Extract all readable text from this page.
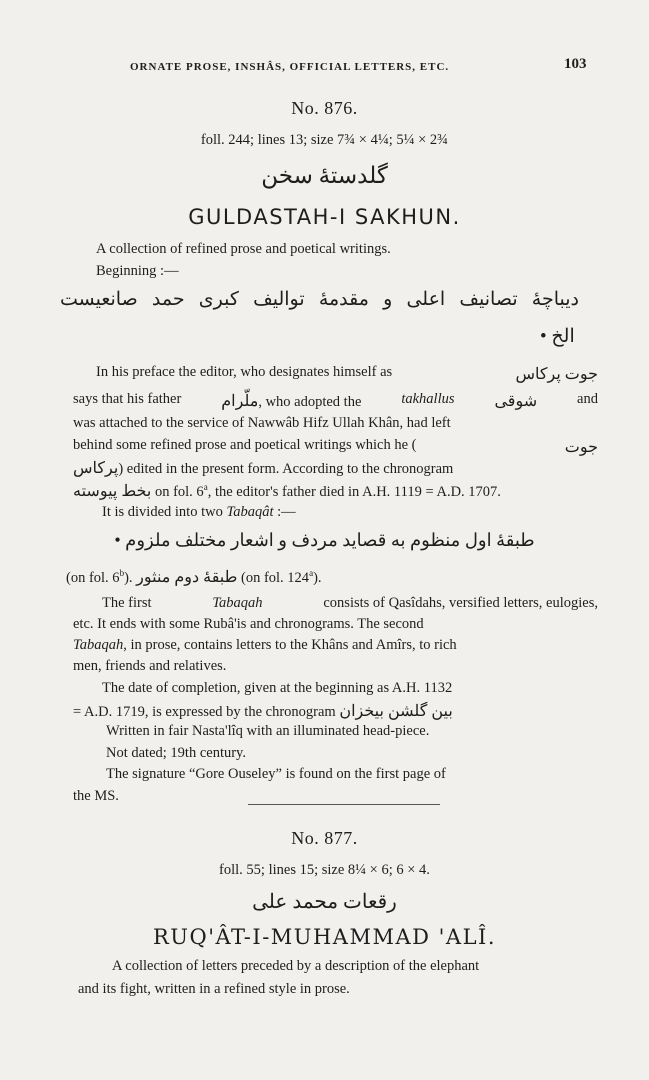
ORNATE PROSE, INSHÂS, OFFICIAL LETTERS, ETC.	103
No. 876.
foll. 244; lines 13; size 7¾ × 4¼; 5¼ × 2¾
گلدستهٔ سخن
GULDASTAH-I SAKHUN.
A collection of refined prose and poetical writings.
Beginning :—
دیباچهٔ تصانیف اعلی و مقدمهٔ توالیف کبری حمد صانعیست
الخ •
In his preface the editor, who designates himself as	جوت پرکاس
says that his father ملّرام, who adopted the	takhallus شوقی	and
was attached to the service of Nawwâb Hifz Ullah Khân, had left
behind some refined prose and poetical writings which he (	جوت
پرکاس) edited in the present form. According to the chronogram
بخط پیوسته on fol. 6$^a$, the editor's father died in A.H. 1119 = A.D. 1707.
It is divided into two Tabaqât :—
طبقهٔ اول منظوم به قصاید مردف و اشعار مختلف ملزوم •
(on fol. 6$^b$). طبقهٔ دوم منثور (on fol. 124$^a$).
The first	Tabaqah	consists of Qasîdahs, versified letters, eulogies,
etc. It ends with some Rubâ'is and chronograms. The second
Tabaqah, in prose, contains letters to the Khâns and Amîrs, to rich
men, friends and relatives.
The date of completion, given at the beginning as A.H. 1132
= A.D. 1719, is expressed by the chronogram بین گلشن بیخزان
Written in fair Nasta'lîq with an illuminated head-piece.
Not dated; 19th century.
The signature “Gore Ouseley” is found on the first page of
the MS.
No. 877.
foll. 55; lines 15; size 8¼ × 6; 6 × 4.
رقعات محمد علی
RUQ'ÂT-I-MUHAMMAD 'ALÎ.
A collection of letters preceded by a description of the elephant
and its fight, written in a refined style in prose.
